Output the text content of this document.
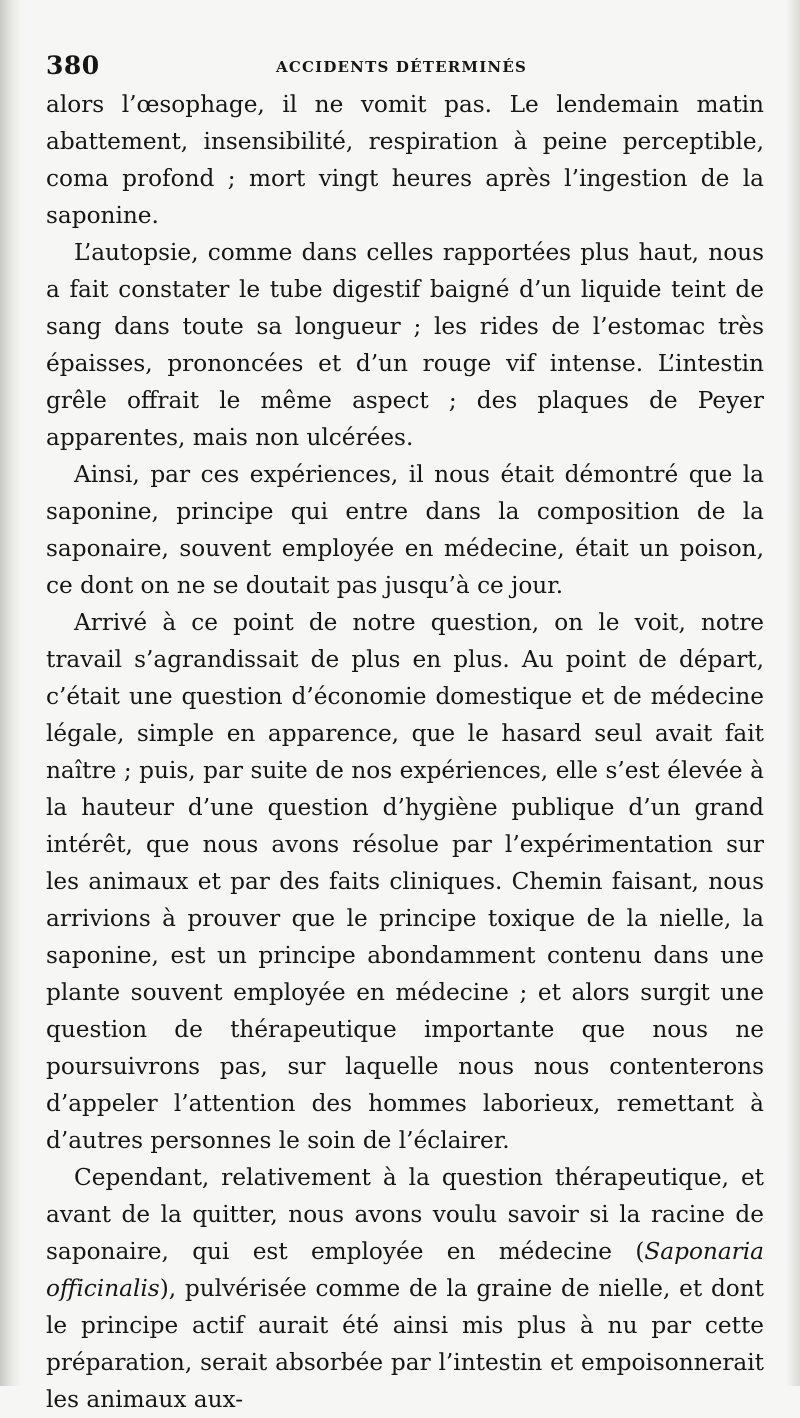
380	ACCIDENTS DÉTERMINÉS

alors l’œsophage, il ne vomit pas. Le lendemain matin abattement, insensibilité, respiration à peine perceptible, coma profond ; mort vingt heures après l’ingestion de la saponine.

L’autopsie, comme dans celles rapportées plus haut, nous a fait constater le tube digestif baigné d’un liquide teint de sang dans toute sa longueur ; les rides de l’estomac très épaisses, prononcées et d’un rouge vif intense. L’intestin grêle offrait le même aspect ; des plaques de Peyer apparentes, mais non ulcérées.

Ainsi, par ces expériences, il nous était démontré que la saponine, principe qui entre dans la composition de la saponaire, souvent employée en médecine, était un poison, ce dont on ne se doutait pas jusqu’à ce jour.

Arrivé à ce point de notre question, on le voit, notre travail s’agrandissait de plus en plus. Au point de départ, c’était une question d’économie domestique et de médecine légale, simple en apparence, que le hasard seul avait fait naître ; puis, par suite de nos expériences, elle s’est élevée à la hauteur d’une question d’hygiène publique d’un grand intérêt, que nous avons résolue par l’expérimentation sur les animaux et par des faits cliniques. Chemin faisant, nous arrivions à prouver que le principe toxique de la nielle, la saponine, est un principe abondamment contenu dans une plante souvent employée en médecine ; et alors surgit une question de thérapeutique importante que nous ne poursuivrons pas, sur laquelle nous nous contenterons d’appeler l’attention des hommes laborieux, remettant à d’autres personnes le soin de l’éclairer.

Cependant, relativement à la question thérapeutique, et avant de la quitter, nous avons voulu savoir si la racine de saponaire, qui est employée en médecine (Saponaria officinalis), pulvérisée comme de la graine de nielle, et dont le principe actif aurait été ainsi mis plus à nu par cette préparation, serait absorbée par l’intestin et empoisonnerait les animaux aux-
